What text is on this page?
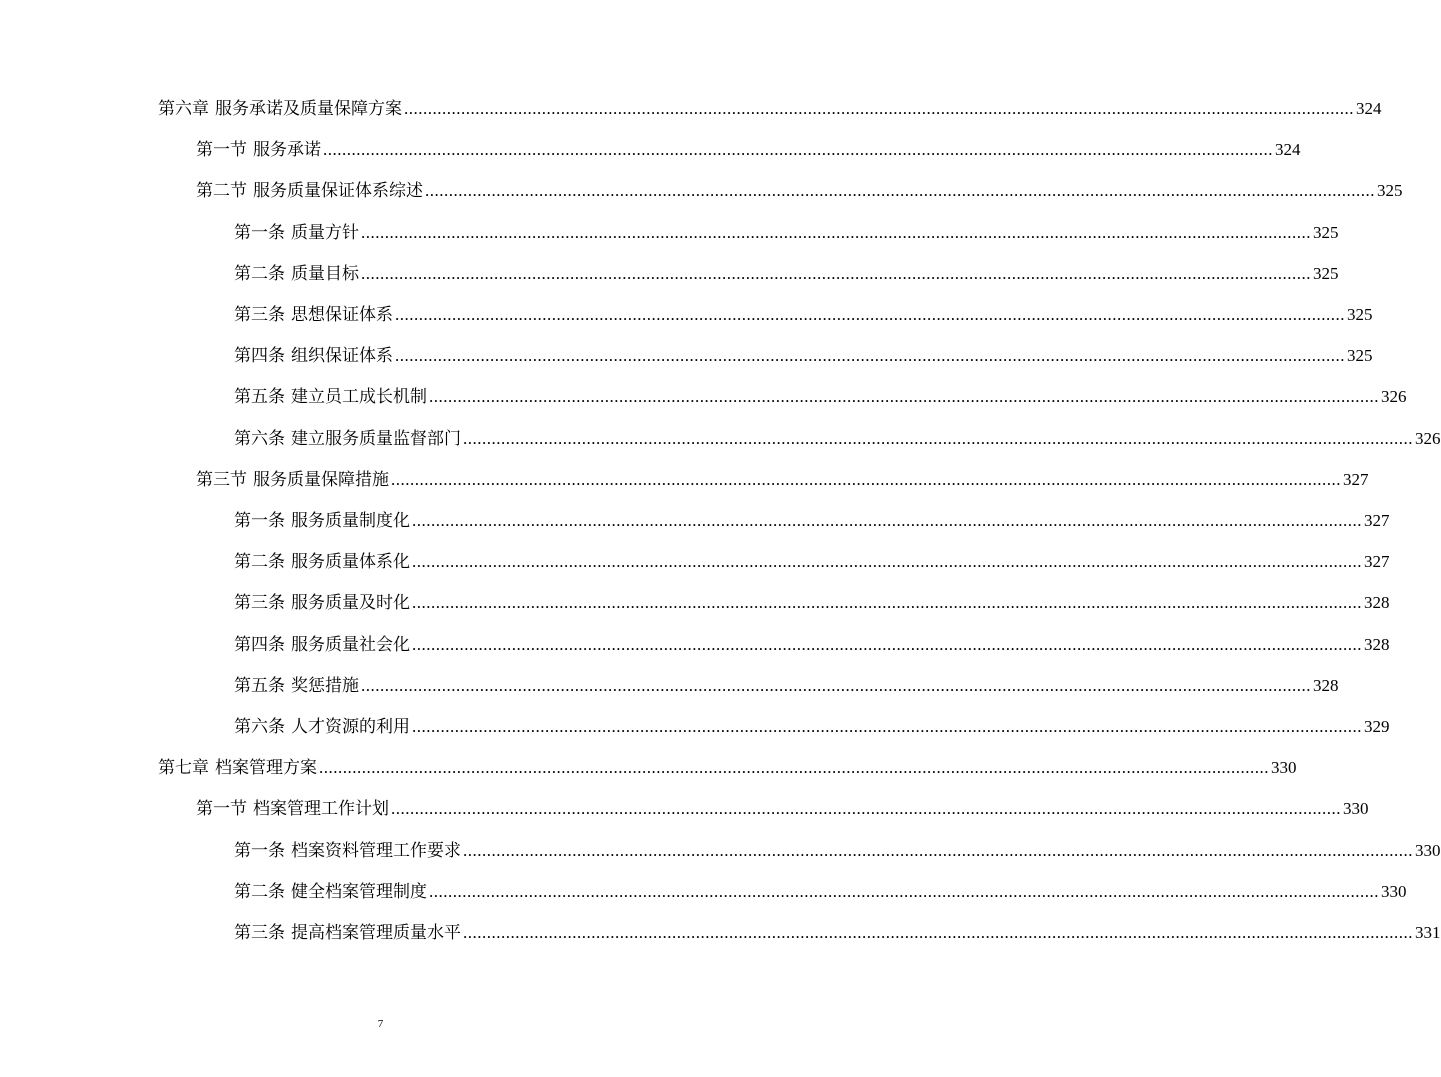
第六章 服务承诺及质量保障方案 ........................................................................................................................................................................................................ 324
第一节 服务承诺 ........................................................................................................................................................................................................ 324
第二节 服务质量保证体系综述 ........................................................................................................................................................................................................ 325
第一条 质量方针 ........................................................................................................................................................................................................ 325
第二条 质量目标 ........................................................................................................................................................................................................ 325
第三条 思想保证体系 ........................................................................................................................................................................................................ 325
第四条 组织保证体系 ........................................................................................................................................................................................................ 325
第五条 建立员工成长机制 ........................................................................................................................................................................................................ 326
第六条 建立服务质量监督部门 ........................................................................................................................................................................................................ 326
第三节 服务质量保障措施 ........................................................................................................................................................................................................ 327
第一条 服务质量制度化 ........................................................................................................................................................................................................ 327
第二条 服务质量体系化 ........................................................................................................................................................................................................ 327
第三条 服务质量及时化 ........................................................................................................................................................................................................ 328
第四条 服务质量社会化 ........................................................................................................................................................................................................ 328
第五条 奖惩措施 ........................................................................................................................................................................................................ 328
第六条 人才资源的利用 ........................................................................................................................................................................................................ 329
第七章 档案管理方案 ........................................................................................................................................................................................................ 330
第一节 档案管理工作计划 ........................................................................................................................................................................................................ 330
第一条 档案资料管理工作要求 ........................................................................................................................................................................................................ 330
第二条 健全档案管理制度 ........................................................................................................................................................................................................ 330
第三条 提高档案管理质量水平 ........................................................................................................................................................................................................ 331
7
